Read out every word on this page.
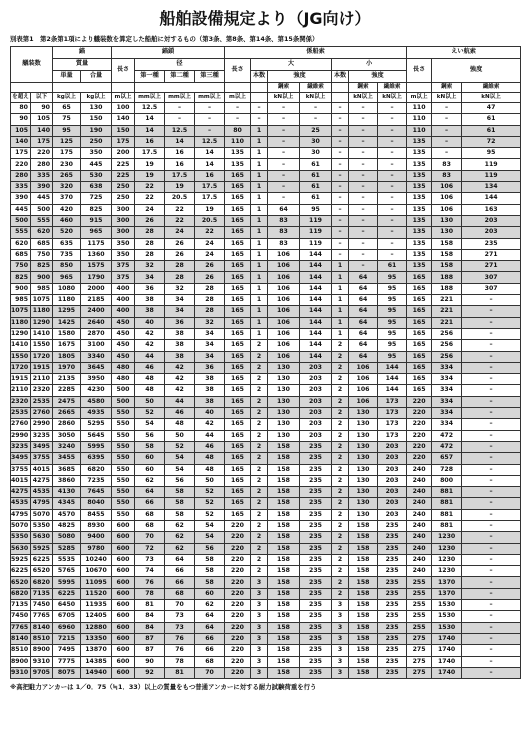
船舶設備規定より（JG向け）
別表第1　第2条第1項により艤装数を算定した船舶に対するもの（第3条、第8条、第14条、第15条関係）
艤装数		錨		錨鎖				係船索							えい航索		
		質量		長さ	径			長さ	大			小			長さ	強度	
		単量	合量		第一種	第二種	第三種		本数	強度		本数	強度				
										鋼索	繊維索		鋼索	繊維索		鋼索	繊維索
を超え	以下	kg以上	kg以上	m以上	mm以上	mm以上	mm以上	m以上		kN以上	kN以上		kN以上	kN以上	m以上	kN以上	kN以上
80	90	65	130	100	12.5	–	–	–	–	–	–	–	–	–	110	–	47
90	105	75	150	140	14	–	–	–	–	–	–	–	–	–	110	–	61
105	140	95	190	150	14	12.5	–	80	1	–	25	–	–	–	110	–	61
140	175	125	250	175	16	14	12.5	110	1	–	30	–	–	–	135	–	72
175	220	175	350	200	17.5	16	14	135	1	–	30	–	–	–	135	–	95
220	280	230	445	225	19	16	14	135	1	–	61	–	–	–	135	83	119
280	335	265	530	225	19	17.5	16	165	1	–	61	–	–	–	135	83	119
335	390	320	638	250	22	19	17.5	165	1	–	61	–	–	–	135	106	134
390	445	370	725	250	22	20.5	17.5	165	1	–	61	–	–	–	135	106	144
445	500	420	825	300	24	22	19	165	1	64	95	–	–	–	135	106	163
500	555	460	915	300	26	22	20.5	165	1	83	119	–	–	–	135	130	203
555	620	520	965	300	28	24	22	165	1	83	119	–	–	–	135	130	203
620	685	635	1175	350	28	26	24	165	1	83	119	–	–	–	135	158	235
685	750	735	1360	350	28	26	24	165	1	106	144	–	–	–	135	158	271
750	825	850	1575	375	32	28	26	165	1	106	144	1	–	61	135	158	271
825	900	965	1790	375	34	28	26	165	1	106	144	1	64	95	165	188	307
900	985	1080	2000	400	36	32	28	165	1	106	144	1	64	95	165	188	307
985	1075	1180	2185	400	38	34	28	165	1	106	144	1	64	95	165	221	–
1075	1180	1295	2400	400	38	34	28	165	1	106	144	1	64	95	165	221	–
1180	1290	1425	2640	450	40	36	32	165	1	106	144	1	64	95	165	221	–
1290	1410	1580	2870	450	42	38	34	165	1	106	144	1	64	95	165	256	–
1410	1550	1675	3100	450	42	38	34	165	2	106	144	2	64	95	165	256	–
1550	1720	1805	3340	450	44	38	34	165	2	106	144	2	64	95	165	256	–
1720	1915	1970	3645	480	46	42	36	165	2	130	203	2	106	144	165	334	–
1915	2110	2135	3950	480	48	42	38	165	2	130	203	2	106	144	165	334	–
2110	2320	2285	4230	500	48	42	38	165	2	130	203	2	106	144	165	334	–
2320	2535	2475	4580	500	50	44	38	165	2	130	203	2	106	173	220	334	–
2535	2760	2665	4935	550	52	46	40	165	2	130	203	2	130	173	220	334	–
2760	2990	2860	5295	550	54	48	42	165	2	130	203	2	130	173	220	334	–
2990	3235	3050	5645	550	56	50	44	165	2	130	203	2	130	173	220	472	–
3235	3495	3240	5995	550	58	52	46	165	2	158	235	2	130	203	220	472	–
3495	3755	3455	6395	550	60	54	48	165	2	158	235	2	130	203	220	657	–
3755	4015	3685	6820	550	60	54	48	165	2	158	235	2	130	203	240	728	–
4015	4275	3860	7235	550	62	56	50	165	2	158	235	2	130	203	240	800	–
4275	4535	4130	7645	550	64	58	52	165	2	158	235	2	130	203	240	881	–
4535	4795	4345	8040	550	66	58	52	165	2	158	235	2	130	203	240	881	–
4795	5070	4570	8455	550	68	58	52	165	2	158	235	2	130	203	240	881	–
5070	5350	4825	8930	600	68	62	54	220	2	158	235	2	158	235	240	881	–
5350	5630	5080	9400	600	70	62	54	220	2	158	235	2	158	235	240	1230	–
5630	5925	5285	9780	600	72	62	56	220	2	158	235	2	158	235	240	1230	–
5925	6225	5535	10240	600	73	64	58	220	2	158	235	2	158	235	240	1230	–
6225	6520	5765	10670	600	74	66	58	220	2	158	235	2	158	235	240	1230	–
6520	6820	5995	11095	600	76	66	58	220	3	158	235	2	158	235	255	1370	–
6820	7135	6225	11520	600	78	68	60	220	3	158	235	2	158	235	255	1370	–
7135	7450	6450	11935	600	81	70	62	220	3	158	235	3	158	235	255	1530	–
7450	7765	6705	12405	600	84	73	64	220	3	158	235	3	158	235	255	1530	–
7765	8140	6960	12880	600	84	73	64	220	3	158	235	3	158	235	255	1530	–
8140	8510	7215	13350	600	87	76	66	220	3	158	235	3	158	235	275	1740	–
8510	8900	7495	13870	600	87	76	66	220	3	158	235	3	158	235	275	1740	–
8900	9310	7775	14385	600	90	78	68	220	3	158	235	3	158	235	275	1740	–
9310	9705	8075	14940	600	92	81	70	220	3	158	235	3	158	235	275	1740	–
※高把駐力アンカーは 1／0．75（≒1．33）以上の質量をもつ普通アンカーに対する耐力試験荷重を行う
